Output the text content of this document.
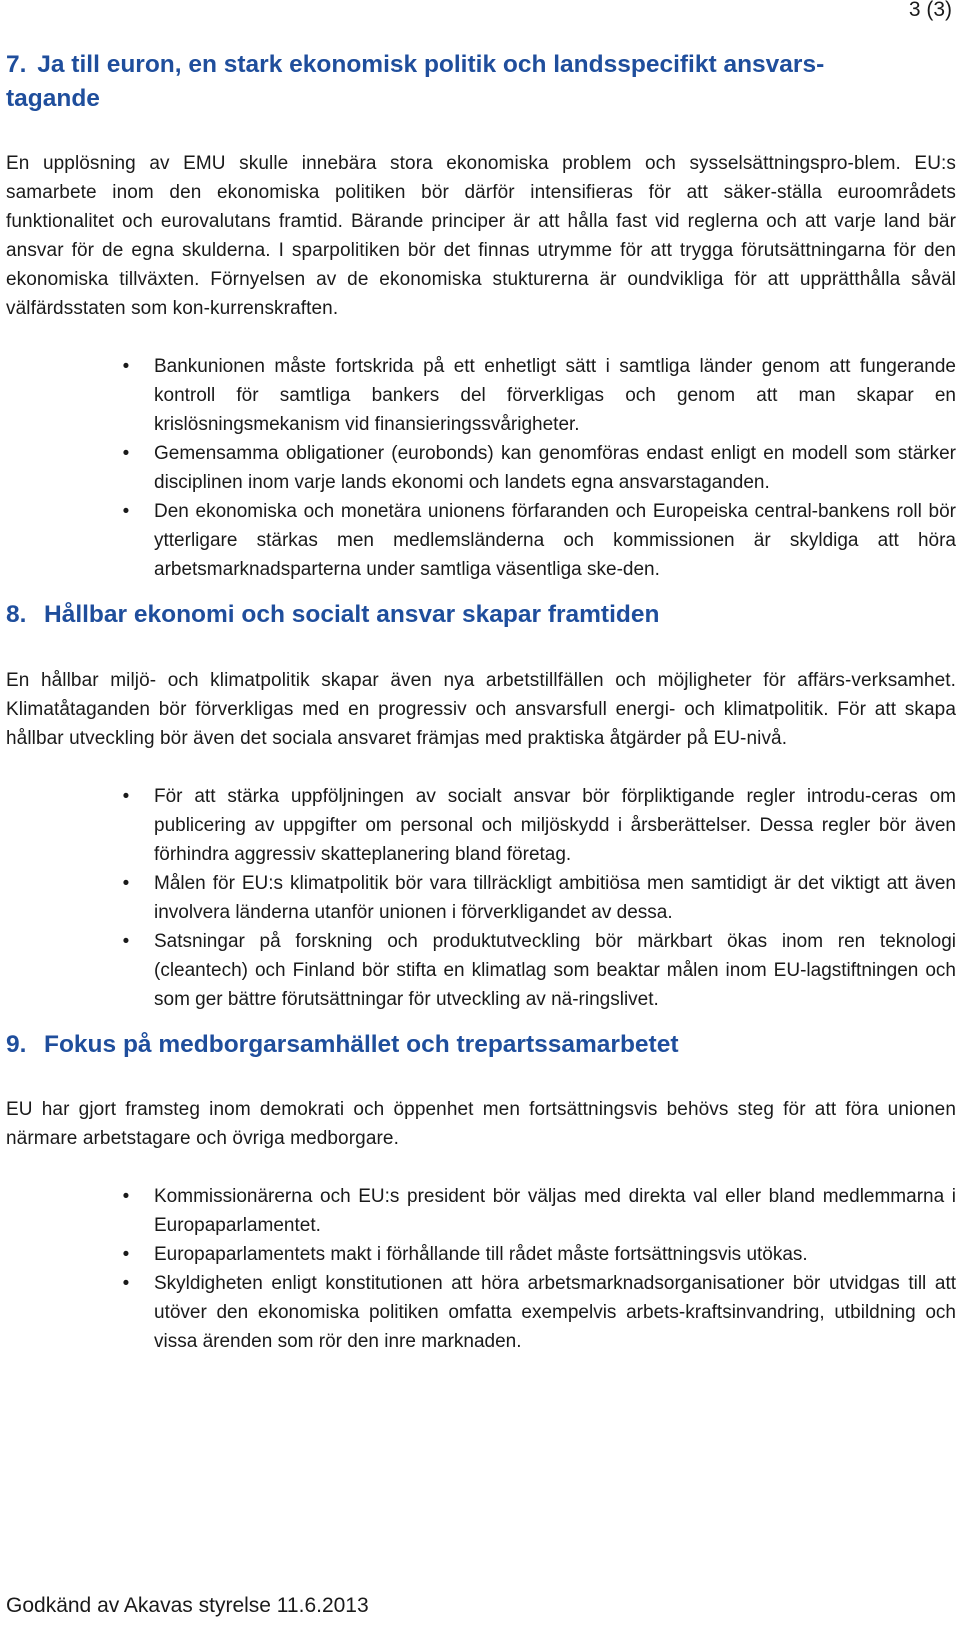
3 (3)
7. Ja till euron, en stark ekonomisk politik och landsspecifikt ansvars-
tagande

En upplösning av EMU skulle innebära stora ekonomiska problem och sysselsättningspro-blem. EU:s samarbete inom den ekonomiska politiken bör därför intensifieras för att säker-ställa euroområdets funktionalitet och eurovalutans framtid. Bärande principer är att hålla fast vid reglerna och att varje land bär ansvar för de egna skulderna. I sparpolitiken bör det finnas utrymme för att trygga förutsättningarna för den ekonomiska tillväxten. Förnyelsen av de ekonomiska stukturerna är oundvikliga för att upprätthålla såväl välfärdsstaten som kon-kurrenskraften.

•	Bankunionen måste fortskrida på ett enhetligt sätt i samtliga länder genom att fungerande kontroll för samtliga bankers del förverkligas och genom att man skapar en krislösningsmekanism vid finansieringssvårigheter.
•	Gemensamma obligationer (eurobonds) kan genomföras endast enligt en modell som stärker disciplinen inom varje lands ekonomi och landets egna ansvarstaganden.
•	Den ekonomiska och monetära unionens förfaranden och Europeiska central-bankens roll bör ytterligare stärkas men medlemsländerna och kommissionen är skyldiga att höra arbetsmarknadsparterna under samtliga väsentliga ske-den.
8. Hållbar ekonomi och socialt ansvar skapar framtiden

En hållbar miljö- och klimatpolitik skapar även nya arbetstillfällen och möjligheter för affärs-verksamhet. Klimatåtaganden bör förverkligas med en progressiv och ansvarsfull energi- och klimatpolitik. För att skapa hållbar utveckling bör även det sociala ansvaret främjas med praktiska åtgärder på EU-nivå.

•	För att stärka uppföljningen av socialt ansvar bör förpliktigande regler introdu-ceras om publicering av uppgifter om personal och miljöskydd i årsberättelser. Dessa regler bör även förhindra aggressiv skatteplanering bland företag.
•	Målen för EU:s klimatpolitik bör vara tillräckligt ambitiösa men samtidigt är det viktigt att även involvera länderna utanför unionen i förverkligandet av dessa.
•	Satsningar på forskning och produktutveckling bör märkbart ökas inom ren teknologi (cleantech) och Finland bör stifta en klimatlag som beaktar målen inom EU-lagstiftningen och som ger bättre förutsättningar för utveckling av nä-ringslivet.
9. Fokus på medborgarsamhället och trepartssamarbetet

EU har gjort framsteg inom demokrati och öppenhet men fortsättningsvis behövs steg för att föra unionen närmare arbetstagare och övriga medborgare.

•	Kommissionärerna och EU:s president bör väljas med direkta val eller bland medlemmarna i Europaparlamentet.
•	Europaparlamentets makt i förhållande till rådet måste fortsättningsvis utökas.
•	Skyldigheten enligt konstitutionen att höra arbetsmarknadsorganisationer bör utvidgas till att utöver den ekonomiska politiken omfatta exempelvis arbets-kraftsinvandring, utbildning och vissa ärenden som rör den inre marknaden.
Godkänd av Akavas styrelse 11.6.2013
